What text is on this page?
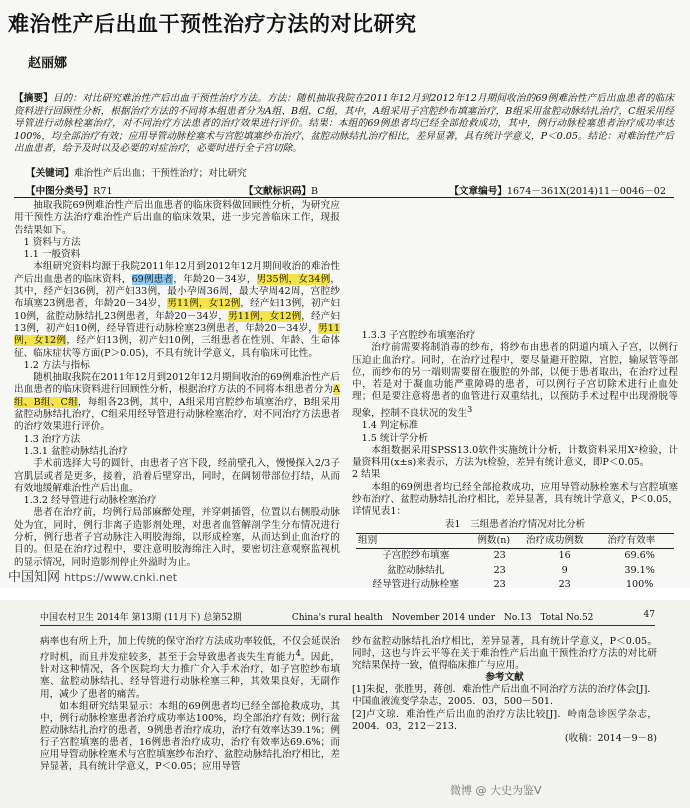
难治性产后出血干预性治疗方法的对比研究
赵丽娜
【摘要】目的：对比研究难治性产后出血干预性治疗方法。方法：随机抽取我院在2011年12月到2012年12月期间收治的69例难治性产后出血患者的临床资料进行回顾性分析，根据治疗方法的不同将本组患者分为A组、B组、C组，其中，A组采用子宫腔纱布填塞治疗，B组采用盆腔动脉结扎治疗，C组采用经导管进行动脉栓塞治疗，对不同治疗方法患者的治疗效果进行评价。结果：本组的69例患者均已经全部抢救成功，其中，例行动脉栓塞患者治疗成功率达100%，均全部治疗有效；应用导管动脉栓塞术与宫腔填塞纱布治疗、盆腔动脉结扎治疗相比，差异显著，具有统计学意义，P＜0.05。结论：对难治性产后出血患者，给予及时以及必要的对症治疗，必要时进行全子宫切除。
【关键词】难治性产后出血；干预性治疗；对比研究
【中图分类号】R71	【文献标识码】B	【文章编号】1674－361X(2014)11－0046－02

抽取我院69例难治性产后出血患者的临床资料做回顾性分析，为研究应用干预性方法治疗难治性产后出血的临床效果，进一步完善临床工作，现报告结果如下。

1 资料与方法
1.1 一般资料

本组研究资料均源于我院2011年12月到2012年12月期间收治的难治性产后出血患者的临床资料，69例患者，年龄20－34岁，男35例，女34例，其中，经产妇36例，初产妇33例，最小孕周36周，最大孕周42周，宫腔纱布填塞23例患者，年龄20－34岁，男11例，女12例，经产妇13例，初产妇10例，盆腔动脉结扎23例患者，年龄20－34岁，男11例，女12例，经产妇13例，初产妇10例，经导管进行动脉栓塞23例患者，年龄20－34岁，男11例，女12例，经产妇13例，初产妇10例，三组患者在性别、年龄、生命体征、临床症状等方面(P＞0.05)，不具有统计学意义，具有临床可比性。

1.2 方法与指标

随机抽取我院在2011年12月到2012年12月期间收治的69例难治性产后出血患者的临床资料进行回顾性分析，根据治疗方法的不同将本组患者分为A组、B组、C组，每组各23例，其中，A组采用宫腔纱布填塞治疗，B组采用盆腔动脉结扎治疗，C组采用经导管进行动脉栓塞治疗，对不同治疗方法患者的治疗效果进行评价。

1.3 治疗方法
1.3.1 盆腔动脉结扎治疗

手术前选择大号的圆针，由患者子宫下段，经前壁孔入，慢慢探入2/3子宫肌层或者是更多，接着，沿着后壁穿出，同时，在阔韧带部位打结，从而有效地缓解难治性产后出血。

1.3.2 经导管进行动脉栓塞治疗

患者在治疗前，均例行局部麻醉处理，并穿刺插管，位置以右侧股动脉处为宜，同时，例行非离子造影剂处理，对患者血管解剖学生分布情况进行分析，例行患者子宫动脉注入明胶海绵，以形成栓塞，从而达到止血治疗的目的。但是在治疗过程中，要注意明胶海绵注入时，要密切注意观察监视机的显示情况，同时造影剂停止外溢时为止。

1.3.3 子宫腔纱布填塞治疗

治疗前需要将制消毒的纱布，将纱布由患者的阴道内填入子宫，以例行压迫止血治疗。同时，在治疗过程中，要尽量避开腔隙，宫腔，输尿管等部位，而纱布的另一端则需要留在腹腔的外部，以便于患者取出，在治疗过程中，若是对于凝血功能严重障碍的患者，可以例行子宫切除术进行止血处理；但是要注意将患者的血管进行双重结扎，以预防手术过程中出现滑脱等现象，控制不良状况的发生$^3$

1.4 判定标准
1.5 统计学分析

本组数据采用SPSS13.0软件实施统计分析，计数资料采用X²检验，计量资料用(x±s)来表示，方法为t检验，差异有统计意义，即P＜0.05。

2 结果

本组的69例患者均已经全部抢救成功，应用导管动脉栓塞术与宫腔填塞纱布治疗、盆腔动脉结扎治疗相比，差异显著，具有统计学意义，P＜0.05，详情见表1：

表1　三组患者治疗情况对比分析
组别	例数(n)	治疗成功例数	治疗有效率
子宫腔纱布填塞	23	16	69.6%
盆腔动脉结扎	23	9	39.1%
经导管进行动脉栓塞	23	23	100%

中国知网 https://www.cnki.net
中国农村卫生 2014年 第13期 (11月下) 总第52期	China's rural health　November 2014 under　No.13　Total No.52	47

病率也有所上升，加上传统的保守治疗方法成功率较低，不仅会延误治疗时机，而且并发症较多，甚至于会导致患者丧失生育能力$^4$。因此，针对这种情况，各个医院均大力推广介入手术治疗，如子宫腔纱布填塞、盆腔动脉结扎、经导管进行动脉栓塞三种，其效果良好，无副作用，减少了患者的痛苦。

如本组研究结果显示：本组的69例患者均已经全部抢救成功，其中，例行动脉栓塞患者治疗成功率达100%，均全部治疗有效；例行盆腔动脉结扎治疗的患者，9例患者治疗成功，治疗有效率达39.1%；例行子宫腔填塞的患者，16例患者治疗成功，治疗有效率达69.6%；而应用导管动脉栓塞术与宫腔填塞纱布治疗、盆腔动脉结扎治疗相比，差异显著，具有统计学意义，P＜0.05；应用导管

纱布盆腔动脉结扎治疗相比，差异显著，具有统计学意义，P＜0.05。同时，这也与许云平等在关于难治性产后出血干预性治疗方法的对比研究结果保持一致，值得临床推广与应用。

参考文献

[1]朱捉，张胜男，蒋创．难治性产后出血不同治疗方法的治疗体会[J]．中国血液流变学杂志，2005．03，500－501．

[2]卢文琼．难治性产后出血的治疗方法比较[J]．岭南急诊医学杂志，2004．03，212－213．

(收稿：2014－9－8)

微博 @ 大史为鉴V
